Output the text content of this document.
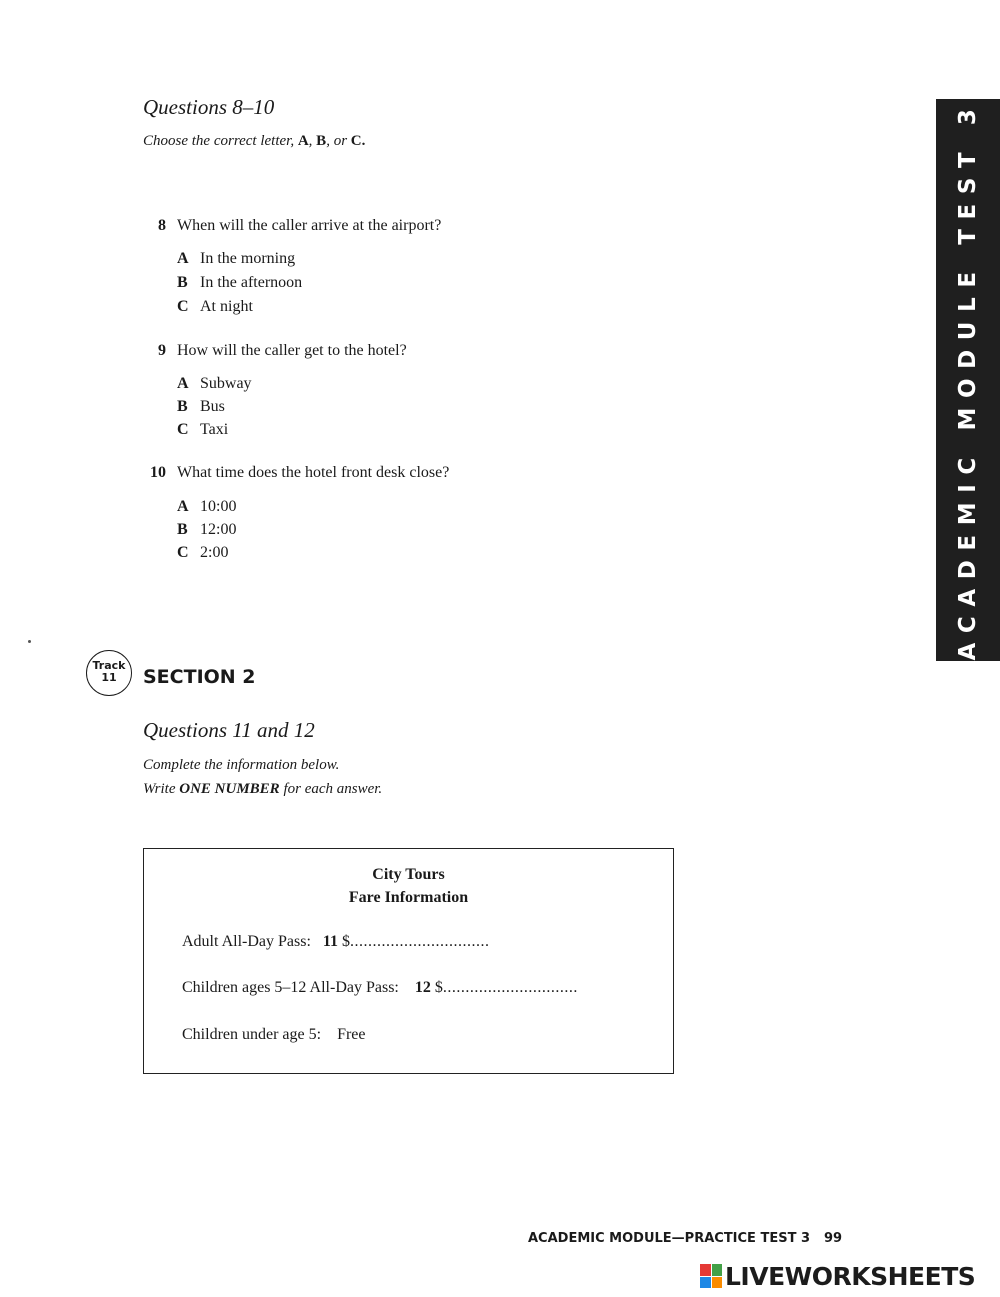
Questions 8–10
Choose the correct letter, A, B, or C.
8 When will the caller arrive at the airport?
A In the morning
B In the afternoon
C At night
9 How will the caller get to the hotel?
A Subway
B Bus
C Taxi
10 What time does the hotel front desk close?
A 10:00
B 12:00
C 2:00	ACADEMIC MODULE TEST 3
Track
11	SECTION 2
Questions 11 and 12
Complete the information below.
Write ONE NUMBER for each answer.
City Tours
Fare Information
Adult All-Day Pass: 11 $...............................
Children ages 5–12 All-Day Pass: 12 $..............................
Children under age 5: Free
ACADEMIC MODULE—PRACTICE TEST 3 99
LIVEWORKSHEETS
